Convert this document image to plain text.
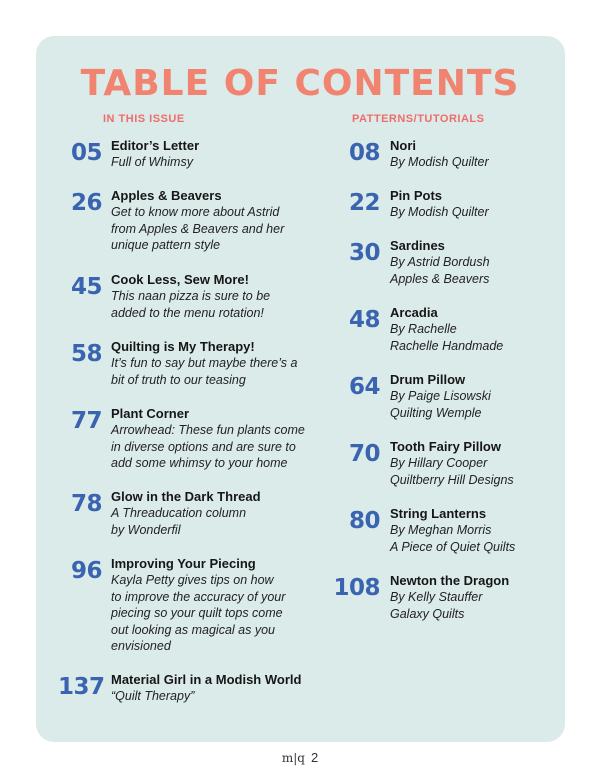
TABLE OF CONTENTS
IN THIS ISSUE	PATTERNS/TUTORIALS
05 Editor’s Letter
Full of Whimsy
26 Apples & Beavers
Get to know more about Astrid
from Apples & Beavers and her
unique pattern style
45 Cook Less, Sew More!
This naan pizza is sure to be
added to the menu rotation!
58 Quilting is My Therapy!
It’s fun to say but maybe there’s a
bit of truth to our teasing
77 Plant Corner
Arrowhead: These fun plants come
in diverse options and are sure to
add some whimsy to your home
78 Glow in the Dark Thread
A Threaducation column
by Wonderfil
96 Improving Your Piecing
Kayla Petty gives tips on how
to improve the accuracy of your
piecing so your quilt tops come
out looking as magical as you
envisioned
137 Material Girl in a Modish World
“Quilt Therapy”
08 Nori
By Modish Quilter
22 Pin Pots
By Modish Quilter
30 Sardines
By Astrid Bordush
Apples & Beavers
48 Arcadia
By Rachelle
Rachelle Handmade
64 Drum Pillow
By Paige Lisowski
Quilting Wemple
70 Tooth Fairy Pillow
By Hillary Cooper
Quiltberry Hill Designs
80 String Lanterns
By Meghan Morris
A Piece of Quiet Quilts
108 Newton the Dragon
By Kelly Stauffer
Galaxy Quilts
m|q 2
